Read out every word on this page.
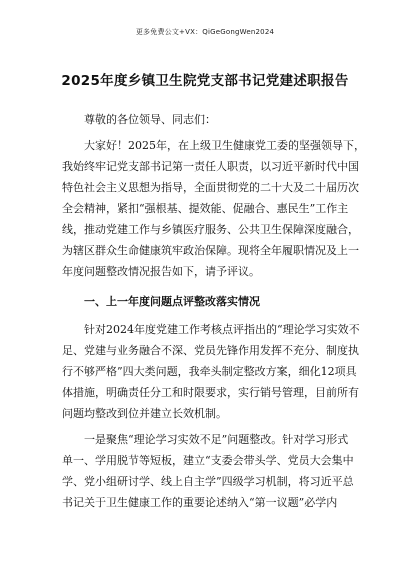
更多免费公文+VX：QiGeGongWen2024
2025年度乡镇卫生院党支部书记党建述职报告
尊敬的各位领导、同志们：
大家好！2025年，在上级卫生健康党工委的坚强领导下，
我始终牢记党支部书记第一责任人职责，以习近平新时代中国
特色社会主义思想为指导，全面贯彻党的二十大及二十届历次
全会精神，紧扣“强根基、提效能、促融合、惠民生”工作主
线，推动党建工作与乡镇医疗服务、公共卫生保障深度融合，
为辖区群众生命健康筑牢政治保障。现将全年履职情况及上一
年度问题整改情况报告如下，请予评议。
一、上一年度问题点评整改落实情况
针对2024年度党建工作考核点评指出的“理论学习实效不
足、党建与业务融合不深、党员先锋作用发挥不充分、制度执
行不够严格”四大类问题，我牵头制定整改方案，细化12项具
体措施，明确责任分工和时限要求，实行销号管理，目前所有
问题均整改到位并建立长效机制。
一是聚焦“理论学习实效不足”问题整改。针对学习形式
单一、学用脱节等短板，建立“支委会带头学、党员大会集中
学、党小组研讨学、线上自主学”四级学习机制，将习近平总
书记关于卫生健康工作的重要论述纳入“第一议题”必学内
